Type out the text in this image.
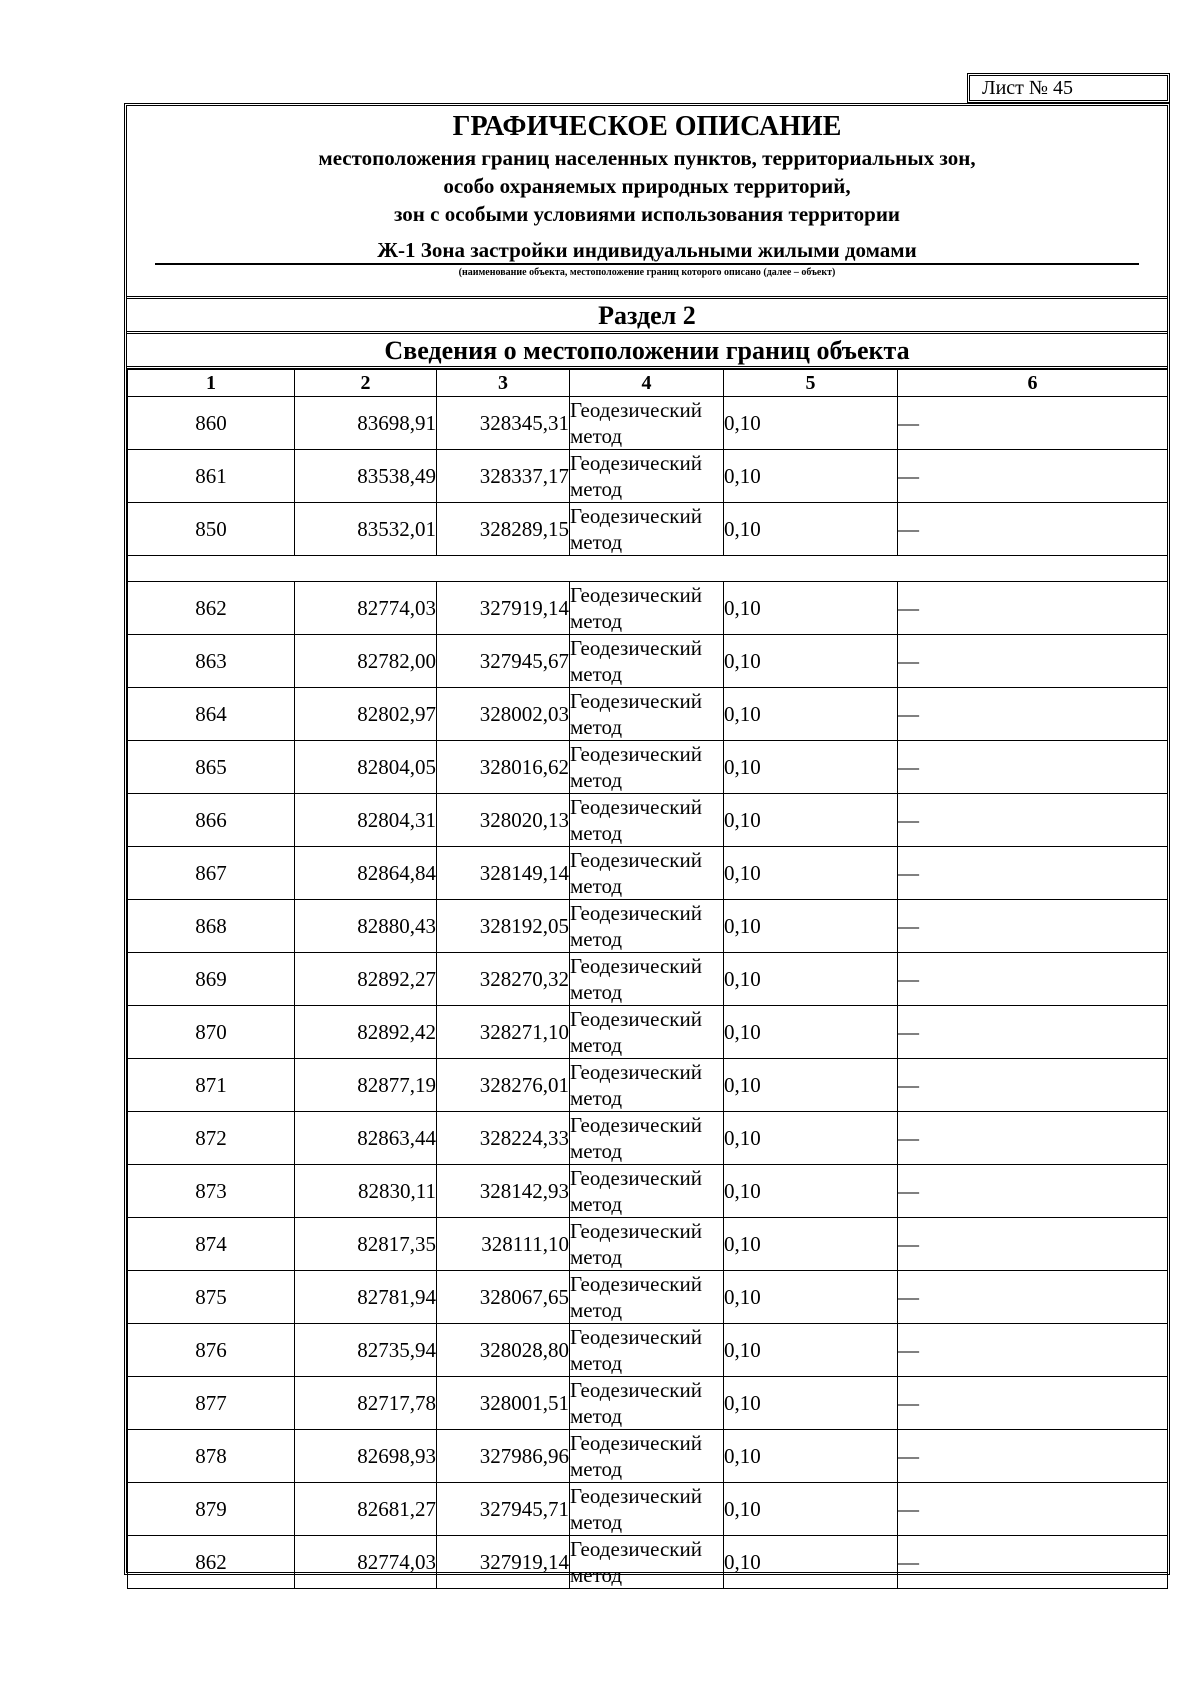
Лист № 45
ГРАФИЧЕСКОЕ ОПИСАНИЕ
местоположения границ населенных пунктов, территориальных зон,
особо охраняемых природных территорий,
зон с особыми условиями использования территории
Ж-1 Зона застройки индивидуальными жилыми домами
(наименование объекта, местоположение границ которого описано (далее – объект)
Раздел 2
Сведения о местоположении границ объекта
1	2	3	4	5	6
860	83698,91	328345,31	Геодезический метод	0,10	—
861	83538,49	328337,17	Геодезический метод	0,10	—
850	83532,01	328289,15	Геодезический метод	0,10	—

862	82774,03	327919,14	Геодезический метод	0,10	—
863	82782,00	327945,67	Геодезический метод	0,10	—
864	82802,97	328002,03	Геодезический метод	0,10	—
865	82804,05	328016,62	Геодезический метод	0,10	—
866	82804,31	328020,13	Геодезический метод	0,10	—
867	82864,84	328149,14	Геодезический метод	0,10	—
868	82880,43	328192,05	Геодезический метод	0,10	—
869	82892,27	328270,32	Геодезический метод	0,10	—
870	82892,42	328271,10	Геодезический метод	0,10	—
871	82877,19	328276,01	Геодезический метод	0,10	—
872	82863,44	328224,33	Геодезический метод	0,10	—
873	82830,11	328142,93	Геодезический метод	0,10	—
874	82817,35	328111,10	Геодезический метод	0,10	—
875	82781,94	328067,65	Геодезический метод	0,10	—
876	82735,94	328028,80	Геодезический метод	0,10	—
877	82717,78	328001,51	Геодезический метод	0,10	—
878	82698,93	327986,96	Геодезический метод	0,10	—
879	82681,27	327945,71	Геодезический метод	0,10	—
862	82774,03	327919,14	Геодезический метод	0,10	—
